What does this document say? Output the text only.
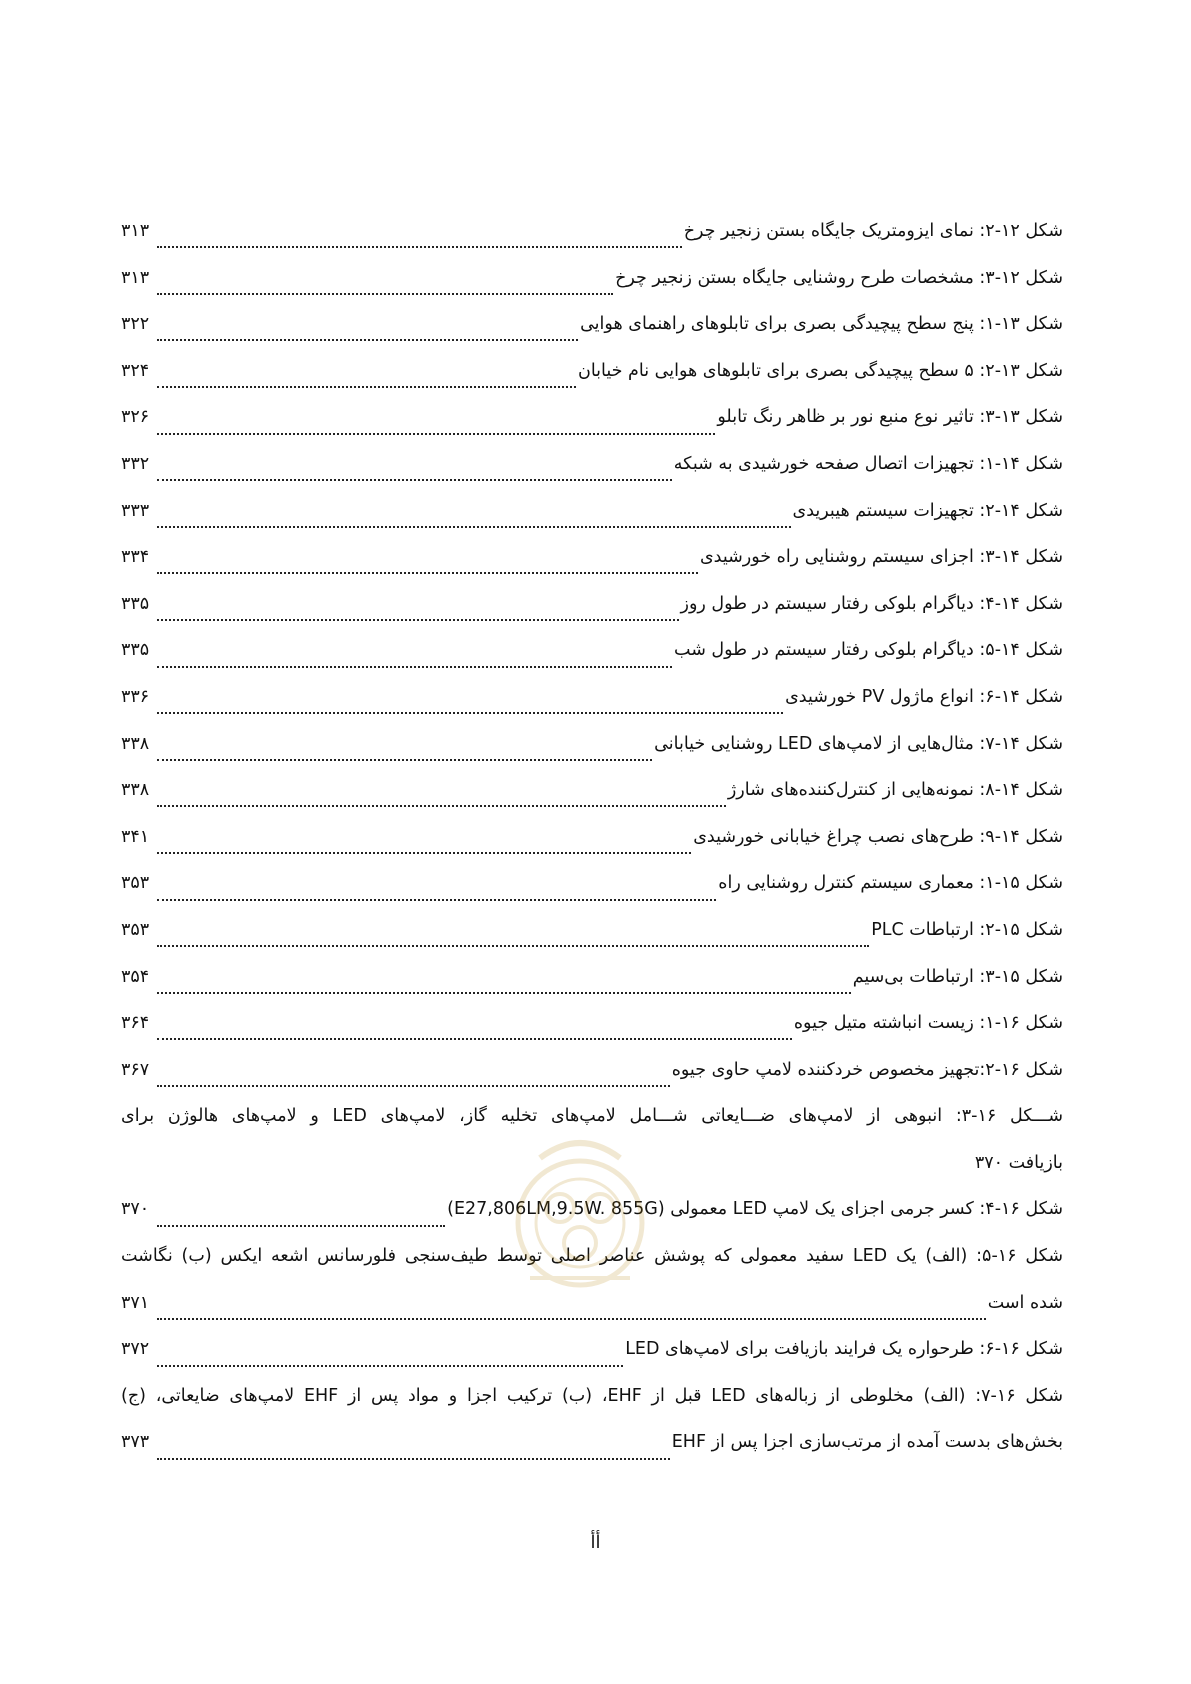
شکل ۱۲-۲: نمای ایزومتریک جایگاه بستن زنجیر چرخ
۳۱۳
شکل ۱۲-۳: مشخصات طرح روشنایی جایگاه بستن زنجیر چرخ
۳۱۳
شکل ۱۳-۱: پنج سطح پیچیدگی بصری برای تابلوهای راهنمای هوایی
۳۲۲
شکل ۱۳-۲: ۵ سطح پیچیدگی بصری برای تابلوهای هوایی نام خیابان
۳۲۴
شکل ۱۳-۳: تاثیر نوع منبع نور بر ظاهر رنگ تابلو
۳۲۶
شکل ۱۴-۱: تجهیزات اتصال صفحه خورشیدی به شبکه
۳۳۲
شکل ۱۴-۲: تجهیزات سیستم هیبریدی
۳۳۳
شکل ۱۴-۳: اجزای سیستم روشنایی راه خورشیدی
۳۳۴
شکل ۱۴-۴: دیاگرام بلوکی رفتار سیستم در طول روز
۳۳۵
شکل ۱۴-۵: دیاگرام بلوکی رفتار سیستم در طول شب
۳۳۵
شکل ۱۴-۶: انواع ماژول PV خورشیدی
۳۳۶
شکل ۱۴-۷: مثال‌هایی از لامپ‌های LED روشنایی خیابانی
۳۳۸
شکل ۱۴-۸: نمونه‌هایی از کنترل‌کننده‌های شارژ
۳۳۸
شکل ۱۴-۹: طرح‌های نصب چراغ خیابانی خورشیدی
۳۴۱
شکل ۱۵-۱: معماری سیستم کنترل روشنایی راه
۳۵۳
شکل ۱۵-۲: ارتباطات PLC
۳۵۳
شکل ۱۵-۳: ارتباطات بی‌سیم
۳۵۴
شکل ۱۶-۱: زیست انباشته متیل جیوه
۳۶۴
شکل ۱۶-۲:تجهیز مخصوص خردکننده لامپ حاوی جیوه
۳۶۷
شـــکل ۱۶-۳: انبوهی از لامپ‌های ضـــایعاتی شـــامل لامپ‌های تخلیه گاز، لامپ‌های LED و لامپ‌های هالوژن برای
بازیافت ۳۷۰
شکل ۱۶-۴: کسر جرمی اجزای یک لامپ LED معمولی (E27,806LM,9.5W. 855G)
۳۷۰
شکل ۱۶-۵: (الف) یک LED سفید معمولی که پوشش عناصر اصلی توسط طیف‌سنجی فلورسانس اشعه ایکس (ب) نگاشت
شده است
۳۷۱
شکل ۱۶-۶: طرحواره یک فرایند بازیافت برای لامپ‌های LED
۳۷۲
شکل ۱۶-۷: (الف) مخلوطی از زباله‌های LED قبل از EHF، (ب) ترکیب اجزا و مواد پس از EHF لامپ‌های ضایعاتی، (ج)
بخش‌های بدست آمده از مرتب‌سازی اجزا پس از EHF
۳۷۳
أأ
